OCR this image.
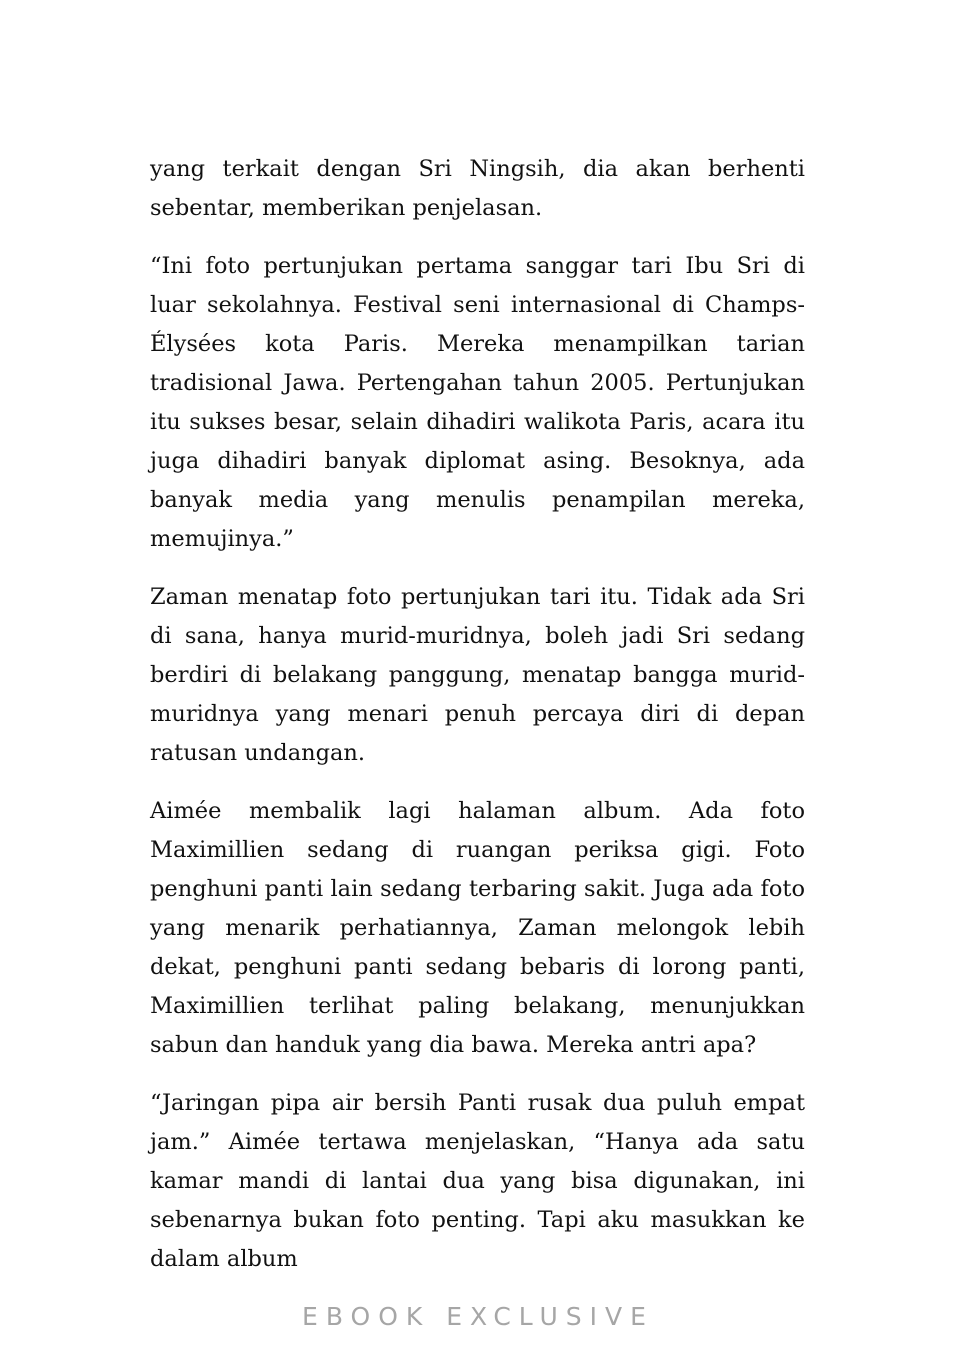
yang terkait dengan Sri Ningsih, dia akan berhenti sebentar, memberikan penjelasan.

“Ini foto pertunjukan pertama sanggar tari Ibu Sri di luar sekolahnya. Festival seni internasional di Champs-Élysées kota Paris. Mereka menampilkan tarian tradisional Jawa. Pertengahan tahun 2005. Pertunjukan itu sukses besar, selain dihadiri walikota Paris, acara itu juga dihadiri banyak diplomat asing. Besoknya, ada banyak media yang menulis penampilan mereka, memujinya.”

Zaman menatap foto pertunjukan tari itu. Tidak ada Sri di sana, hanya murid-muridnya, boleh jadi Sri sedang berdiri di belakang panggung, menatap bangga murid-muridnya yang menari penuh percaya diri di depan ratusan undangan.

Aimée membalik lagi halaman album. Ada foto Maximillien sedang di ruangan periksa gigi. Foto penghuni panti lain sedang terbaring sakit. Juga ada foto yang menarik perhatiannya, Zaman melongok lebih dekat, penghuni panti sedang bebaris di lorong panti, Maximillien terlihat paling belakang, menunjukkan sabun dan handuk yang dia bawa. Mereka antri apa?

“Jaringan pipa air bersih Panti rusak dua puluh empat jam.” Aimée tertawa menjelaskan, “Hanya ada satu kamar mandi di lantai dua yang bisa digunakan, ini sebenarnya bukan foto penting. Tapi aku masukkan ke dalam album

EBOOK EXCLUSIVE
